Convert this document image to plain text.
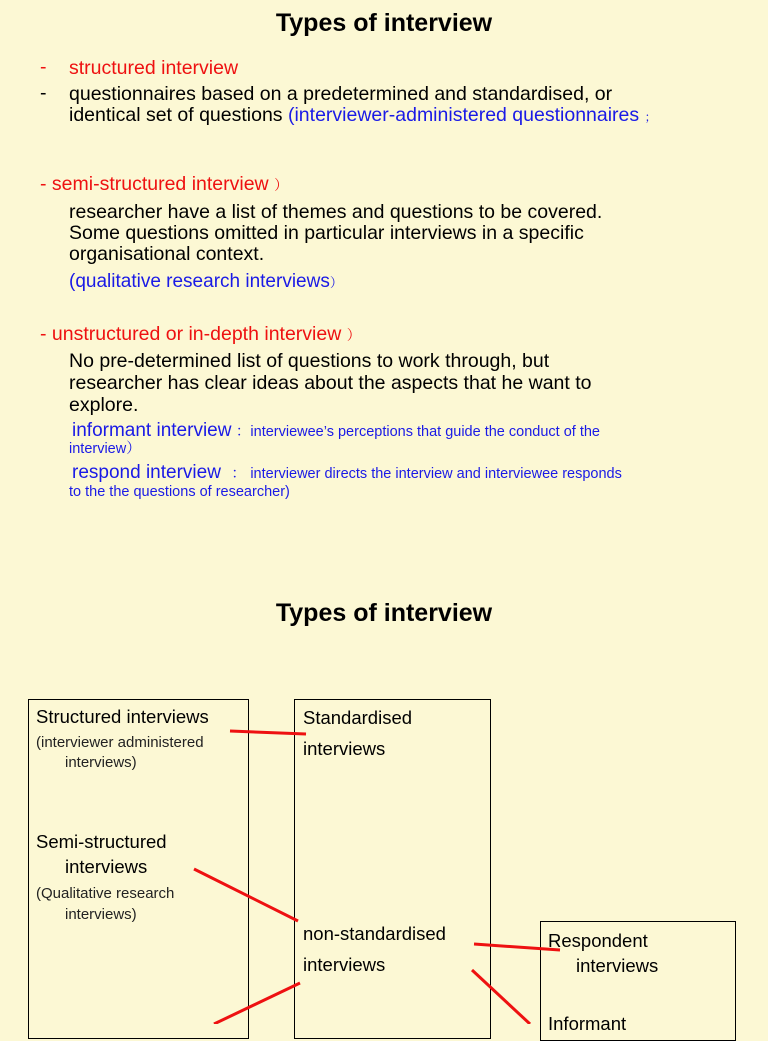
Types of interview
- structured interview
- questionnaires based on a predetermined and standardised, or
identical set of questions (interviewer-administered questionnaires ；
- semi-structured interview ）
researcher have a list of themes and questions to be covered.
Some questions omitted in particular interviews in a specific
organisational context.
(qualitative research interviews）
- unstructured or in-depth interview ）
No pre-determined list of questions to work through, but
researcher has clear ideas about the aspects that he want to
explore.
informant interview ：interviewee’s perceptions that guide the conduct of the
interview）
respond interview ： interviewer directs the interview and interviewee responds
to the the questions of researcher)
Types of interview
Structured interviews
(interviewer administered
interviews)
Semi-structured
interviews
(Qualitative research
interviews)
Standardised
interviews
non-standardised
interviews
Respondent
interviews
Informant
